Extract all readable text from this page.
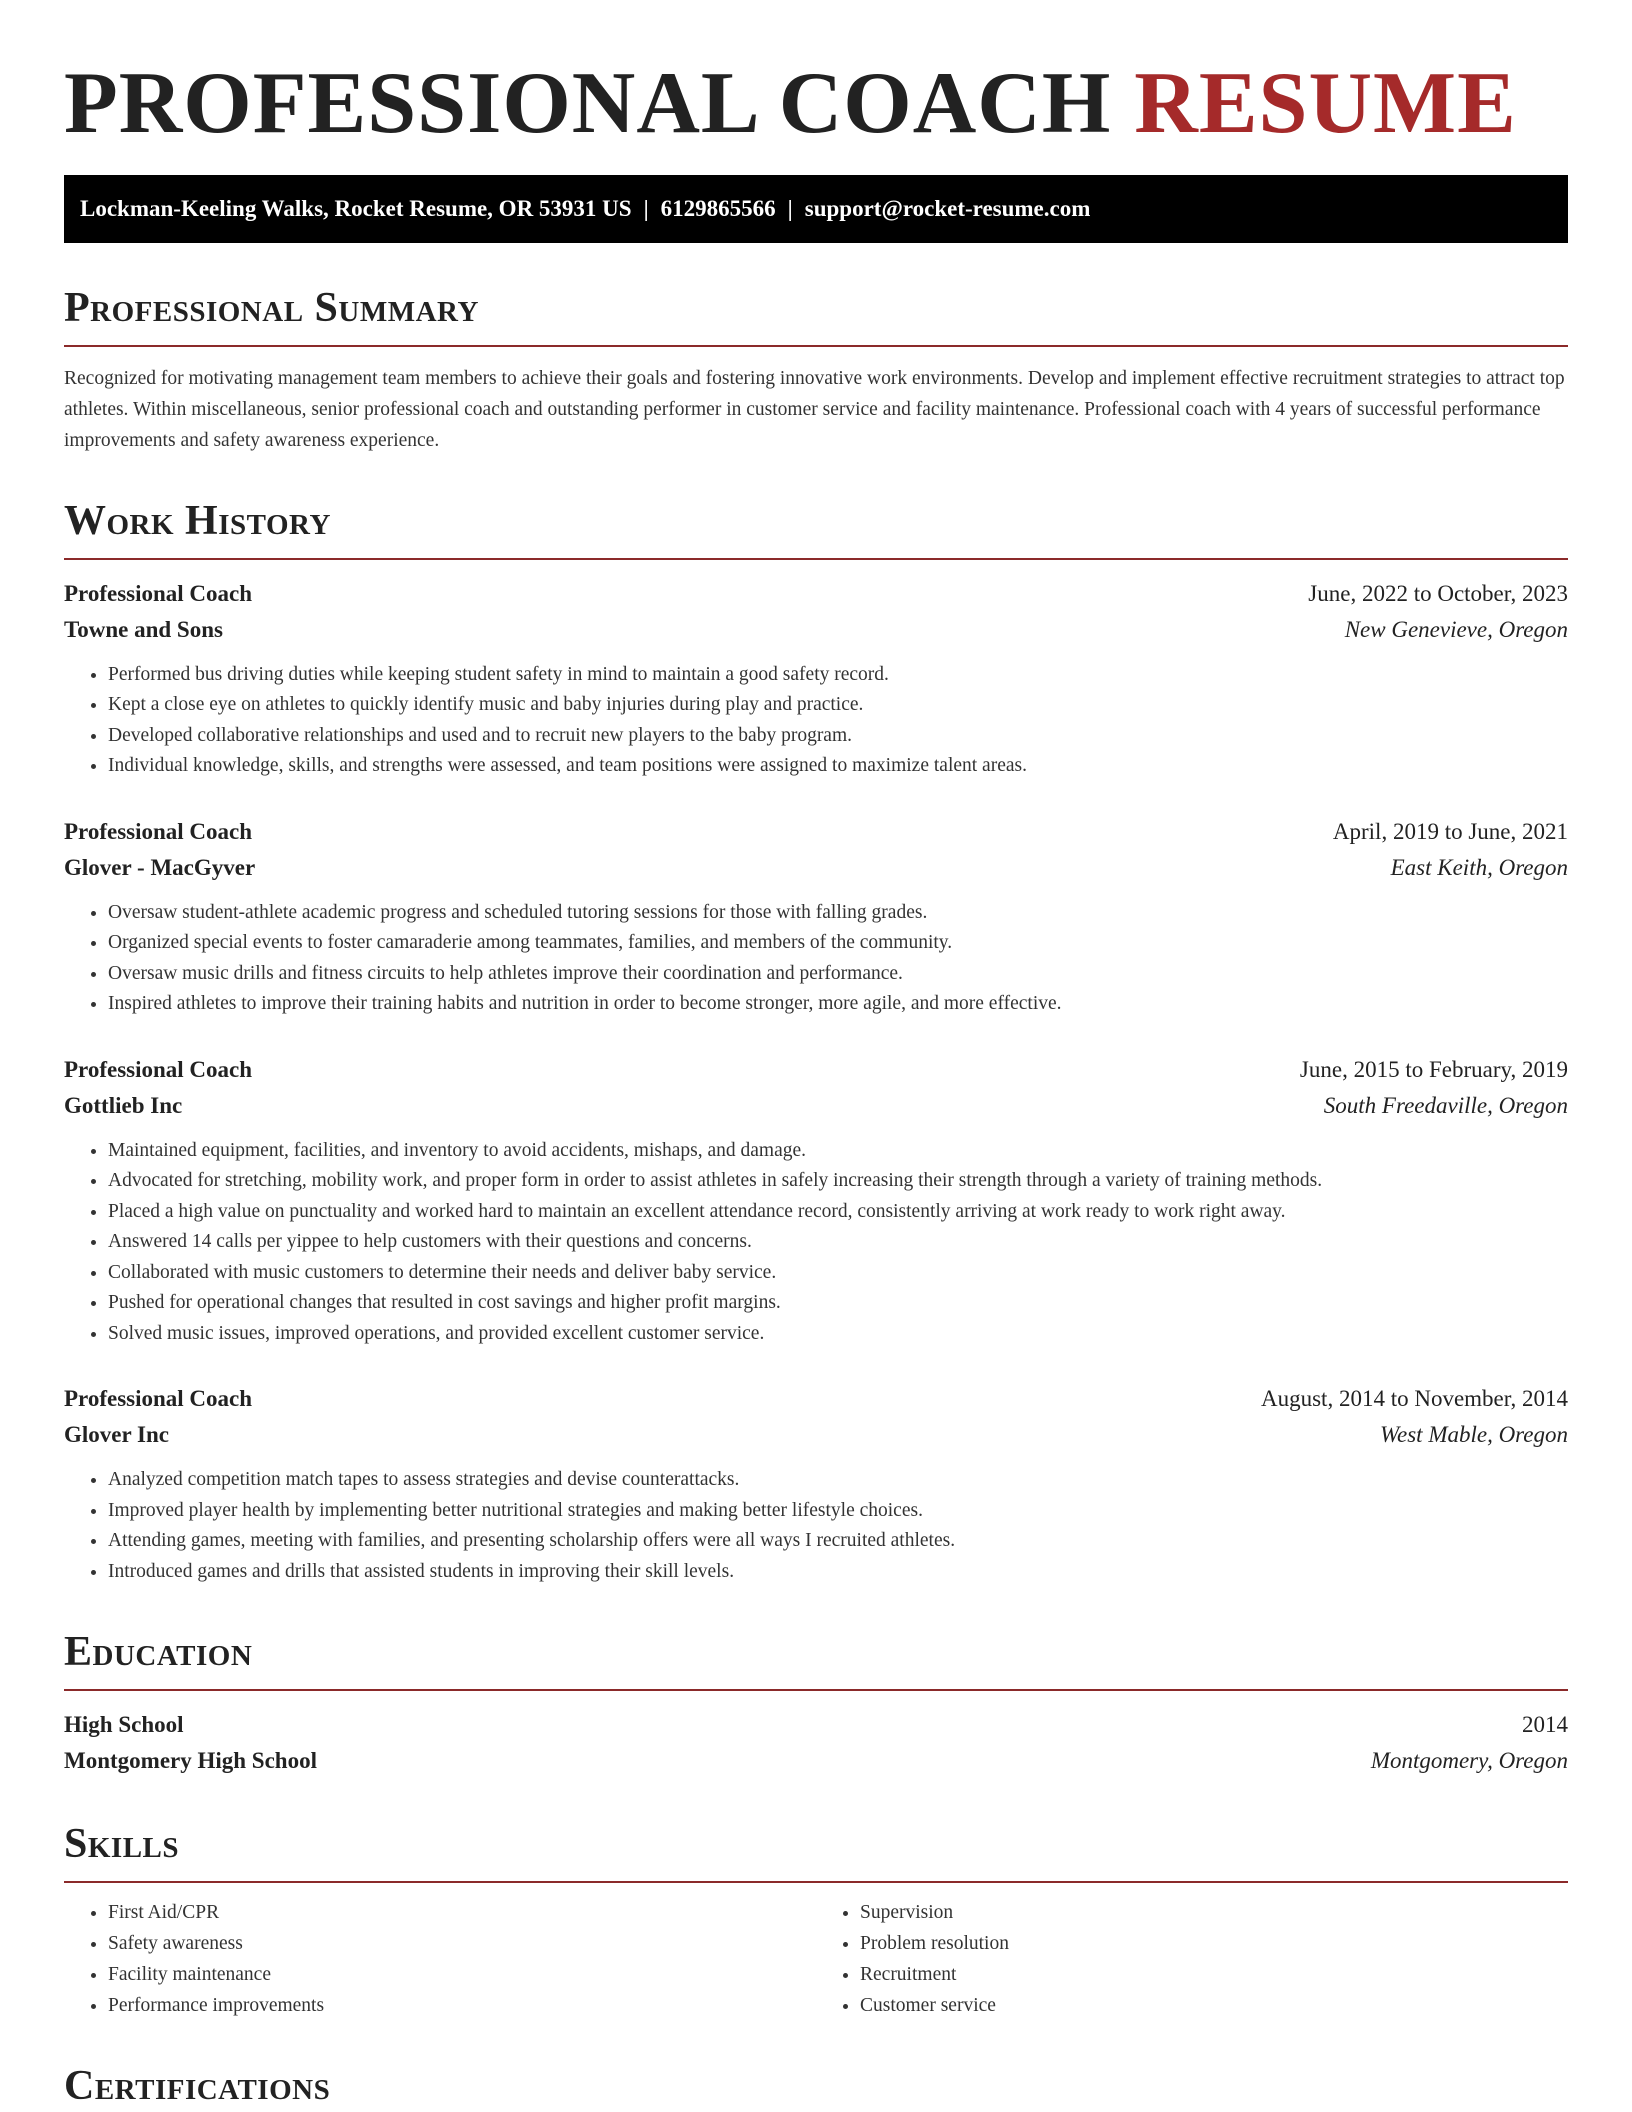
PROFESSIONAL COACH RESUME
Lockman-Keeling Walks, Rocket Resume, OR 53931 US | 6129865566 | support@rocket-resume.com
Professional Summary

Recognized for motivating management team members to achieve their goals and fostering innovative work environments. Develop and implement effective recruitment strategies to attract top athletes. Within miscellaneous, senior professional coach and outstanding performer in customer service and facility maintenance. Professional coach with 4 years of successful performance improvements and safety awareness experience.

Work History
Professional Coach	June, 2022 to October, 2023
Towne and Sons	New Genevieve, Oregon
• Performed bus driving duties while keeping student safety in mind to maintain a good safety record.
• Kept a close eye on athletes to quickly identify music and baby injuries during play and practice.
• Developed collaborative relationships and used and to recruit new players to the baby program.
• Individual knowledge, skills, and strengths were assessed, and team positions were assigned to maximize talent areas.
Professional Coach	April, 2019 to June, 2021
Glover - MacGyver	East Keith, Oregon
• Oversaw student-athlete academic progress and scheduled tutoring sessions for those with falling grades.
• Organized special events to foster camaraderie among teammates, families, and members of the community.
• Oversaw music drills and fitness circuits to help athletes improve their coordination and performance.
• Inspired athletes to improve their training habits and nutrition in order to become stronger, more agile, and more effective.
Professional Coach	June, 2015 to February, 2019
Gottlieb Inc	South Freedaville, Oregon
• Maintained equipment, facilities, and inventory to avoid accidents, mishaps, and damage.
• Advocated for stretching, mobility work, and proper form in order to assist athletes in safely increasing their strength through a variety of training methods.
• Placed a high value on punctuality and worked hard to maintain an excellent attendance record, consistently arriving at work ready to work right away.
• Answered 14 calls per yippee to help customers with their questions and concerns.
• Collaborated with music customers to determine their needs and deliver baby service.
• Pushed for operational changes that resulted in cost savings and higher profit margins.
• Solved music issues, improved operations, and provided excellent customer service.
Professional Coach	August, 2014 to November, 2014
Glover Inc	West Mable, Oregon
• Analyzed competition match tapes to assess strategies and devise counterattacks.
• Improved player health by implementing better nutritional strategies and making better lifestyle choices.
• Attending games, meeting with families, and presenting scholarship offers were all ways I recruited athletes.
• Introduced games and drills that assisted students in improving their skill levels.
Education
High School	2014
Montgomery High School	Montgomery, Oregon
Skills
• First Aid/CPR
• Safety awareness
• Facility maintenance
• Performance improvements
• Supervision
• Problem resolution
• Recruitment
• Customer service
Certifications
